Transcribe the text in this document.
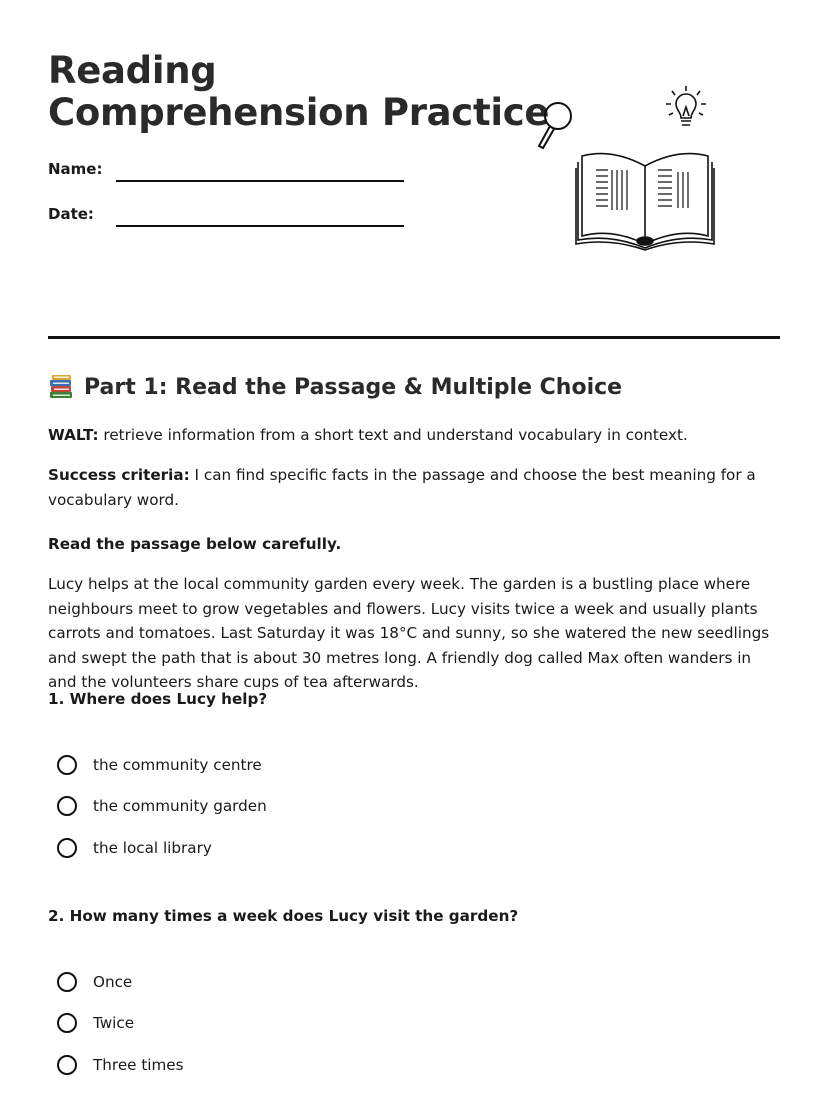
Reading
Comprehension Practice
Name:
Date:
Part 1: Read the Passage & Multiple Choice

WALT: retrieve information from a short text and understand vocabulary in context.

Success criteria: I can find specific facts in the passage and choose the best meaning for a vocabulary word.

Read the passage below carefully.

Lucy helps at the local community garden every week. The garden is a bustling place where neighbours meet to grow vegetables and flowers. Lucy visits twice a week and usually plants carrots and tomatoes. Last Saturday it was 18°C and sunny, so she watered the new seedlings and swept the path that is about 30 metres long. A friendly dog called Max often wanders in and the volunteers share cups of tea afterwards.

1. Where does Lucy help?

the community centre
the community garden
the local library

2. How many times a week does Lucy visit the garden?

Once
Twice
Three times
